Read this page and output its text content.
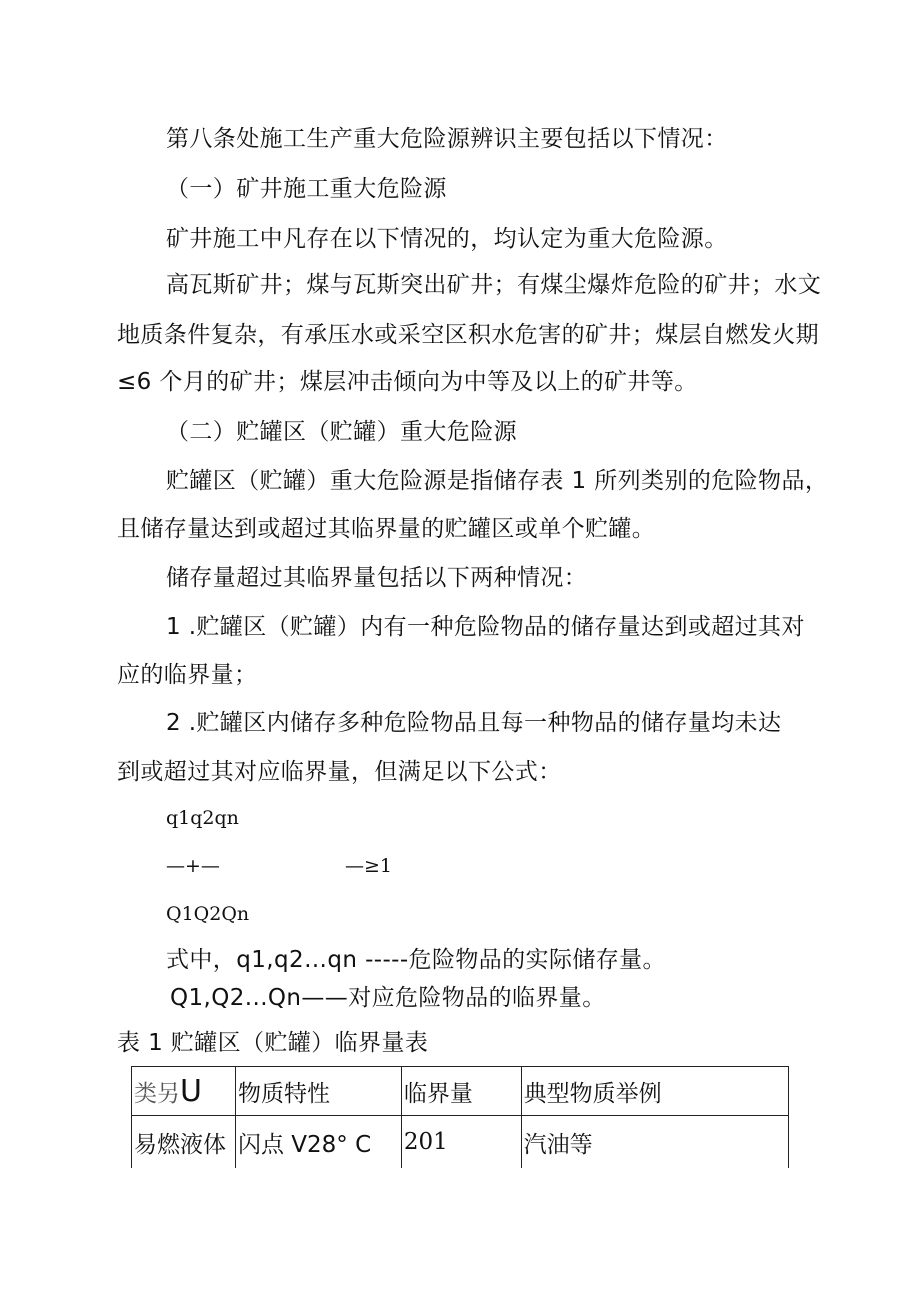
第八条处施工生产重大危险源辨识主要包括以下情况：
（一）矿井施工重大危险源
矿井施工中凡存在以下情况的，均认定为重大危险源。
高瓦斯矿井；煤与瓦斯突出矿井；有煤尘爆炸危险的矿井；水文
地质条件复杂，有承压水或采空区积水危害的矿井；煤层自燃发火期
≤6 个月的矿井；煤层冲击倾向为中等及以上的矿井等。
（二）贮罐区（贮罐）重大危险源
贮罐区（贮罐）重大危险源是指储存表 1 所列类别的危险物品，
且储存量达到或超过其临界量的贮罐区或单个贮罐。
储存量超过其临界量包括以下两种情况：
1 .贮罐区（贮罐）内有一种危险物品的储存量达到或超过其对
应的临界量；
2 .贮罐区内储存多种危险物品且每一种物品的储存量均未达
到或超过其对应临界量，但满足以下公式：
q1q2qn
—+—	—≥1
Q1Q2Qn
式中，q1,q2…qn -----危险物品的实际储存量。
Q1,Q2...Qn——对应危险物品的临界量。
表 1 贮罐区（贮罐）临界量表
类另U	物质特性	临界量	典型物质举例
易燃液体	闪点 V28° C	201	汽油等
